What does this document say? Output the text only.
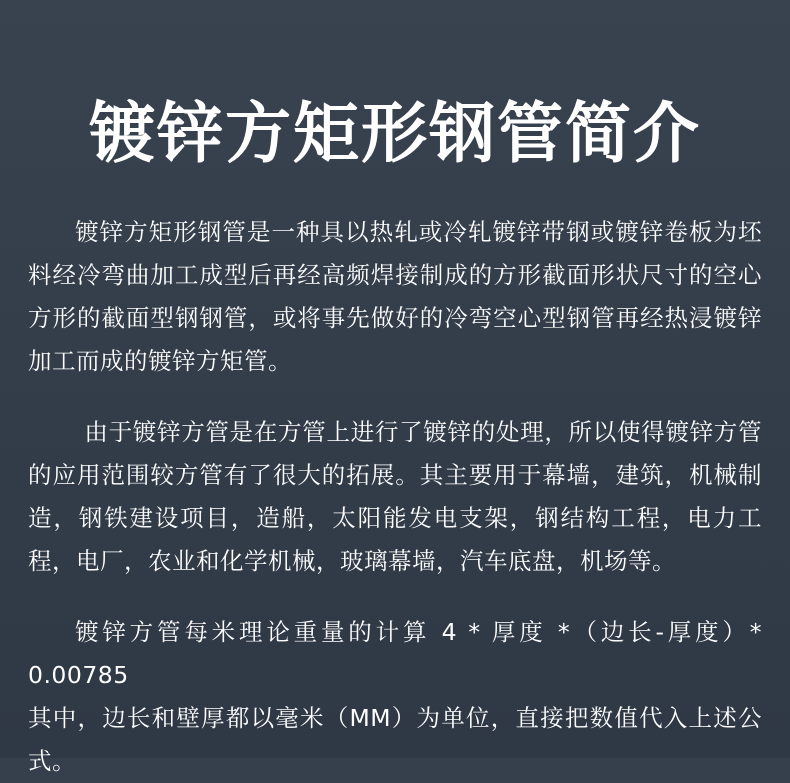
镀锌方矩形钢管简介

镀锌方矩形钢管是一种具以热轧或冷轧镀锌带钢或镀锌卷板为坯料经冷弯曲加工成型后再经高频焊接制成的方形截面形状尺寸的空心方形的截面型钢钢管，或将事先做好的冷弯空心型钢管再经热浸镀锌加工而成的镀锌方矩管。

由于镀锌方管是在方管上进行了镀锌的处理，所以使得镀锌方管的应用范围较方管有了很大的拓展。其主要用于幕墙，建筑，机械制造，钢铁建设项目，造船，太阳能发电支架，钢结构工程，电力工程，电厂，农业和化学机械，玻璃幕墙，汽车底盘，机场等。

镀锌方管每米理论重量的计算 4 * 厚度 *（边长-厚度）* 0.00785

其中，边长和壁厚都以毫米（MM）为单位，直接把数值代入上述公式。
